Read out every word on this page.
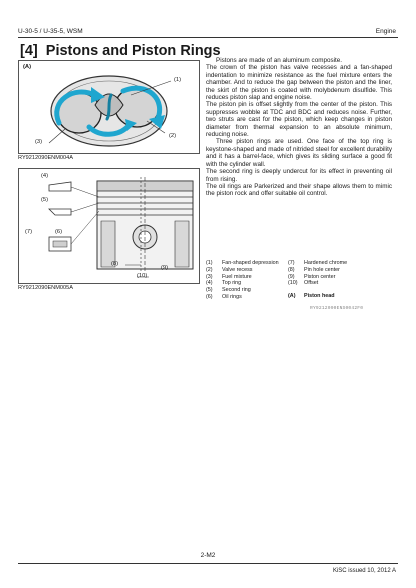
U-30-5 / U-35-5, WSM	Engine
[4]  Pistons and Piston Rings
(A)
(1)
(2)
(3)
RY9212090ENM004A
(4)
(5)
(6)
(7)
(8)
(9)
(10)
RY9212090ENM005A

Pistons are made of an aluminum composite.

The crown of the piston has valve recesses and a fan-shaped indentation to minimize resistance as the fuel mixture enters the chamber. And to reduce the gap between the piston and the liner, the skirt of the piston is coated with molybdenum disulfide. This reduces piston slap and engine noise.

The piston pin is offset slightly from the center of the piston. This suppresses wobble at TDC and BDC and reduces noise. Further, two struts are cast for the piston, which keep changes in piston diameter from thermal expansion to an absolute minimum, reducing noise.

Three piston rings are used. One face of the top ring is keystone-shaped and made of nitrided steel for excellent durability and it has a barrel-face, which gives its sliding surface a good fit with the cylinder wall.

The second ring is deeply undercut for its effect in preventing oil from rising.

The oil rings are Parkerized and their shape allows them to mimic the piston rock and offer suitable oil control.

(1)	Fan-shaped depression
(2)	Valve recess
(3)	Fuel mixture
(4)	Top ring
(5)	Second ring
(6)	Oil rings
(7)	Hardened chrome
(8)	Pin hole center
(9)	Piston center
(10)	Offset
(A)	Piston head
RY9212090ENS0042F0
2-M2
KiSC issued 10, 2012 A
